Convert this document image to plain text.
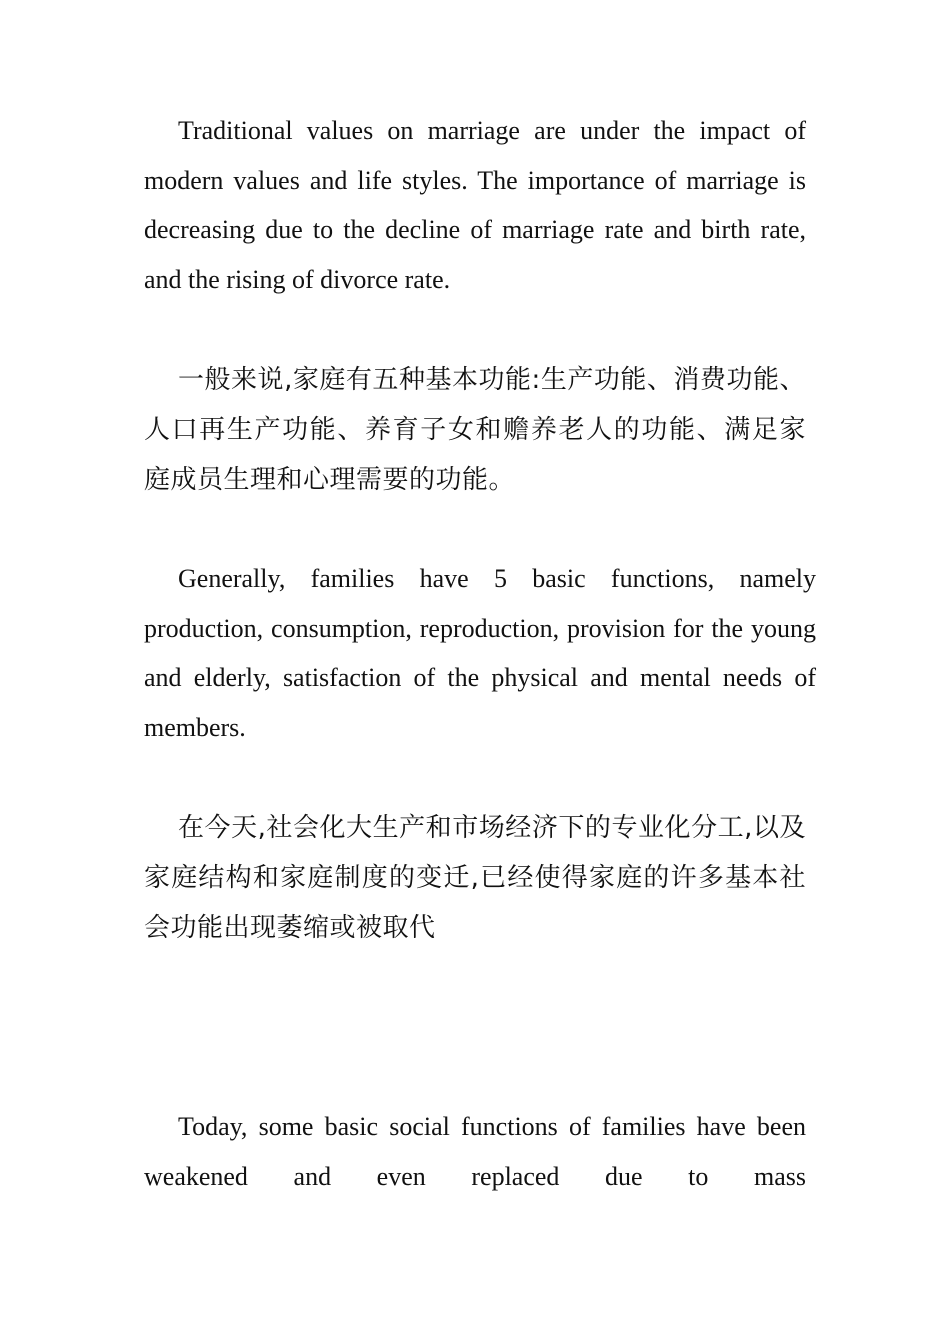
Traditional values on marriage are under the impact of modern values and life styles. The importance of marriage is decreasing due to the decline of marriage rate and birth rate, and the rising of divorce rate.

一般来说,家庭有五种基本功能:生产功能、消费功能、人口再生产功能、养育子女和赡养老人的功能、满足家庭成员生理和心理需要的功能。

Generally, families have 5 basic functions, namely production, consumption, reproduction, provision for the young and elderly, satisfaction of the physical and mental needs of members.

在今天,社会化大生产和市场经济下的专业化分工,以及家庭结构和家庭制度的变迁,已经使得家庭的许多基本社会功能出现萎缩或被取代

Today, some basic social functions of families have been weakened and even replaced due to mass
